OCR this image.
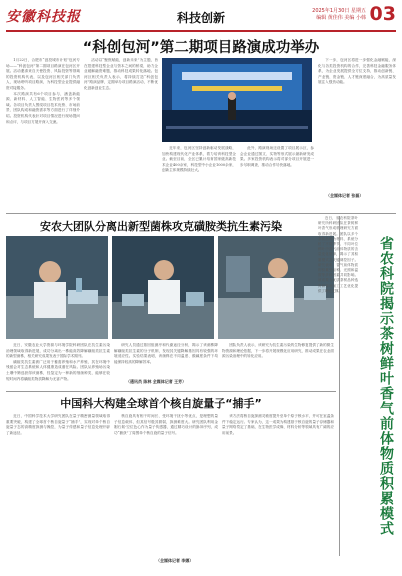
安徽科技报	科技创新	2025年1月30日 星期五
编辑 黄佳伟 美编 小韩 03
“科创包河”第二期项目路演成功举办

1月22日，合肥市“创投城市计划”包河专场——“科创包河”第二期项目路演在包河区开展。活动邀请来自天使投资、风险投资等领域的投资机构代表，以及包河区相关部门负责人，现场聆听项目路演，为科技型企业提供融资对接服务。

本次路演共有6个项目参与，涵盖新能源、新材料、人工智能、生物医药等多个领域。各项目负责人围绕项目技术优势、市场前景、团队构成和融资需求等方面进行了详细介绍。投资机构代表针对项目情况进行现场提问和点评，与项目方展开深入交流。

活动以“聚焦赋能，创新未来”为主题，旨在搭建科技型企业与资本之间的桥梁，助力企业破解融资难题，推动科技成果转化落地。包河区相关负责人表示，将持续打造“科创包河”路演品牌，定期举办项目路演活动，不断优化创新创业生态。

近年来，包河区坚持创新驱动发展战略，加快构建现代化产业体系，着力培育科技型企业。截至目前，全区已累计培育国家级高新技术企业400余家，科技型中小企业1000余家，创新主体规模持续壮大。

此外，路演现场还设置了项目展示区，参会企业通过图文、实物等形式展示最新研发成果。多家投资机构表示将对部分项目开展进一步尽职调查，推动合作尽快落地。

下一步，包河区将进一步强化金融赋能，深化与各类投资机构的合作，完善科技金融服务体系，为企业发展提供全方位支持，推动创新链、产业链、资金链、人才链深度融合，为高质量发展注入强劲动能。

（全媒体记者 张磊）
安农大团队分离出新型菌株攻克磺胺类抗生素污染

近日，安徽农业大学资源与环境学院科研团队在抗生素污染治理领域取得新进展，成功分离出一株能高效降解磺胺类抗生素的新型菌株，相关研究成果发表于国际学术期刊。

磺胺类抗生素被广泛用于畜禽养殖和水产养殖，其在环境中残留会对生态系统和人体健康造成潜在风险。团队从养殖场污染土壤中筛选获得该菌株，经鉴定为一种新的细菌种类，能够在较短时间内将磺胺类物质降解为无害产物。

研究人员通过基因组测序和代谢途径分析，揭示了该菌株降解磺胺类抗生素的分子机制，发现其关键降解基因具有较强的环境适应性。实验结果表明，该菌株在不同温度、酸碱度条件下均能保持较高的降解效率。

团队负责人表示，该研究为抗生素污染的生物修复提供了新的微生物资源和理论依据，下一步将开展规模化应用研究，推动成果在农业面源污染治理中的转化应用。

（通讯员 陈林 全媒体记者 王芳）
中国科大构建全球首个核自旋量子“捕手”

近日，中国科学技术大学研究团队在量子精密测量领域取得重要突破，构建了全球首个核自旋量子“捕手”，实现对单个核自旋量子态的高精度探测与操控，为量子传感和量子信息处理开辟了新途径。

核自旋具有相干时间长、受环境干扰小等优点，是理想的量子信息载体，但其信号极其微弱，探测难度大。研究团队利用金刚石氮-空位色心作为量子传感器，通过精巧设计的脉冲序列，成功“捕获”了周围单个核自旋的量子信号。

该方法将核自旋探测灵敏度提升至单个原子核水平，并可在室温条件下稳定运行。专家认为，这一成果为构建基于核自旋的量子存储器和量子网络奠定了基础，在生物医学成像、材料分析等领域具有广阔的应用前景。

（全媒体记者 李娜）
省农科院揭示茶树鲜叶香气前体物质积累模式

近日，省农科院茶叶研究所科研团队在茶树鲜叶香气形成机理研究方面取得新进展。团队以多个茶树品种为材料，系统分析了不同季节、不同叶位鲜叶中香气前体物质的含量变化规律，揭示了其积累模式及关键调控因子。研究表明，香气前体物质的积累受品种、光照和温度等多种因素共同影响。该成果为优质茶树品种选育和茶叶加工工艺优化提供了理论支撑。
